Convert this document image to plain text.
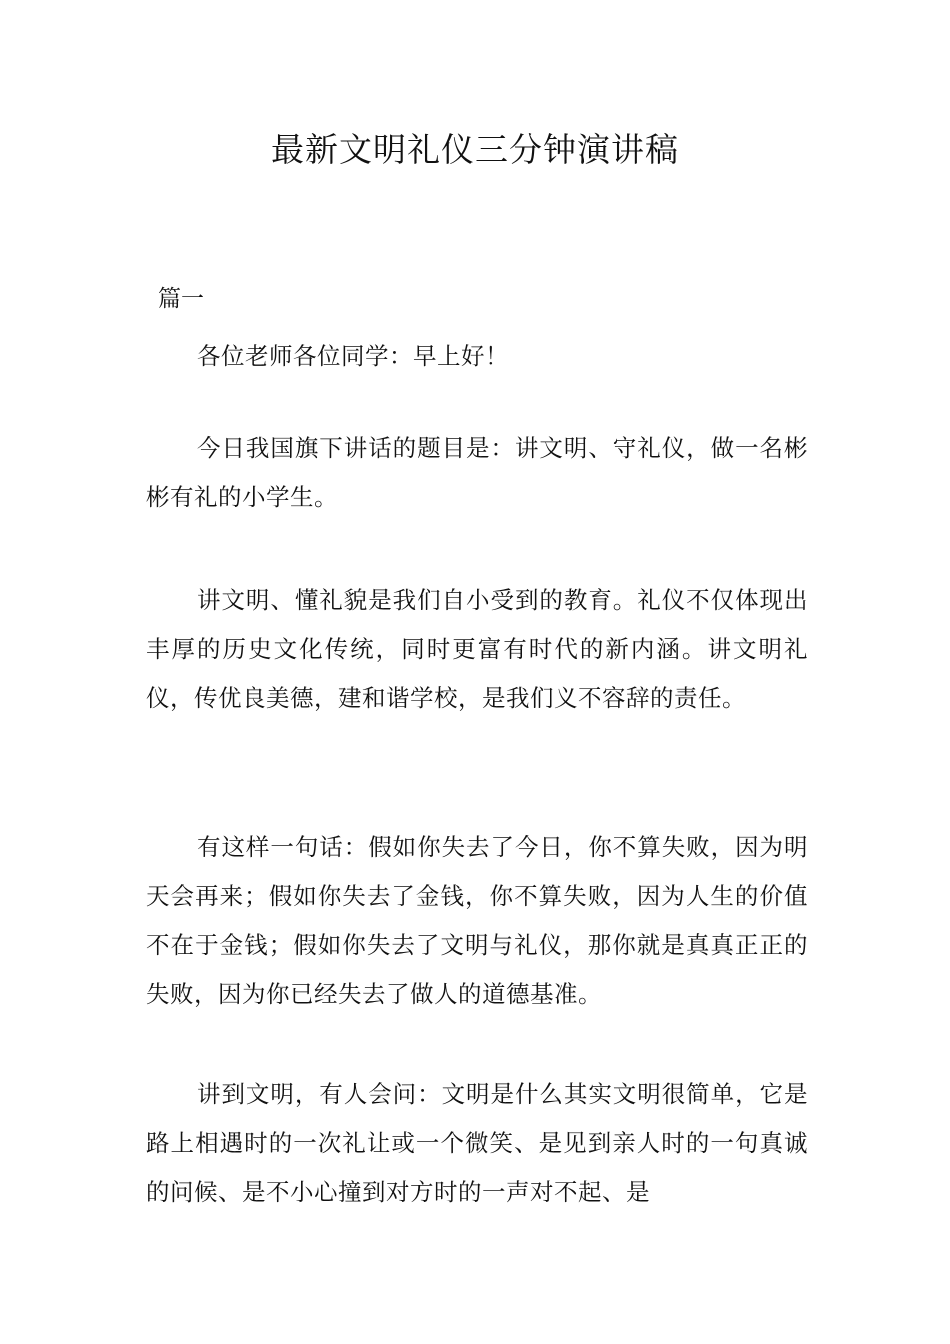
最新文明礼仪三分钟演讲稿
篇一

各位老师各位同学：早上好！

今日我国旗下讲话的题目是：讲文明、守礼仪，做一名彬彬有礼的小学生。

讲文明、懂礼貌是我们自小受到的教育。礼仪不仅体现出丰厚的历史文化传统，同时更富有时代的新内涵。讲文明礼仪，传优良美德，建和谐学校，是我们义不容辞的责任。

有这样一句话：假如你失去了今日，你不算失败，因为明天会再来；假如你失去了金钱，你不算失败，因为人生的价值不在于金钱；假如你失去了文明与礼仪，那你就是真真正正的失败，因为你已经失去了做人的道德基准。

讲到文明，有人会问：文明是什么其实文明很简单，它是路上相遇时的一次礼让或一个微笑、是见到亲人时的一句真诚的问候、是不小心撞到对方时的一声对不起、是
